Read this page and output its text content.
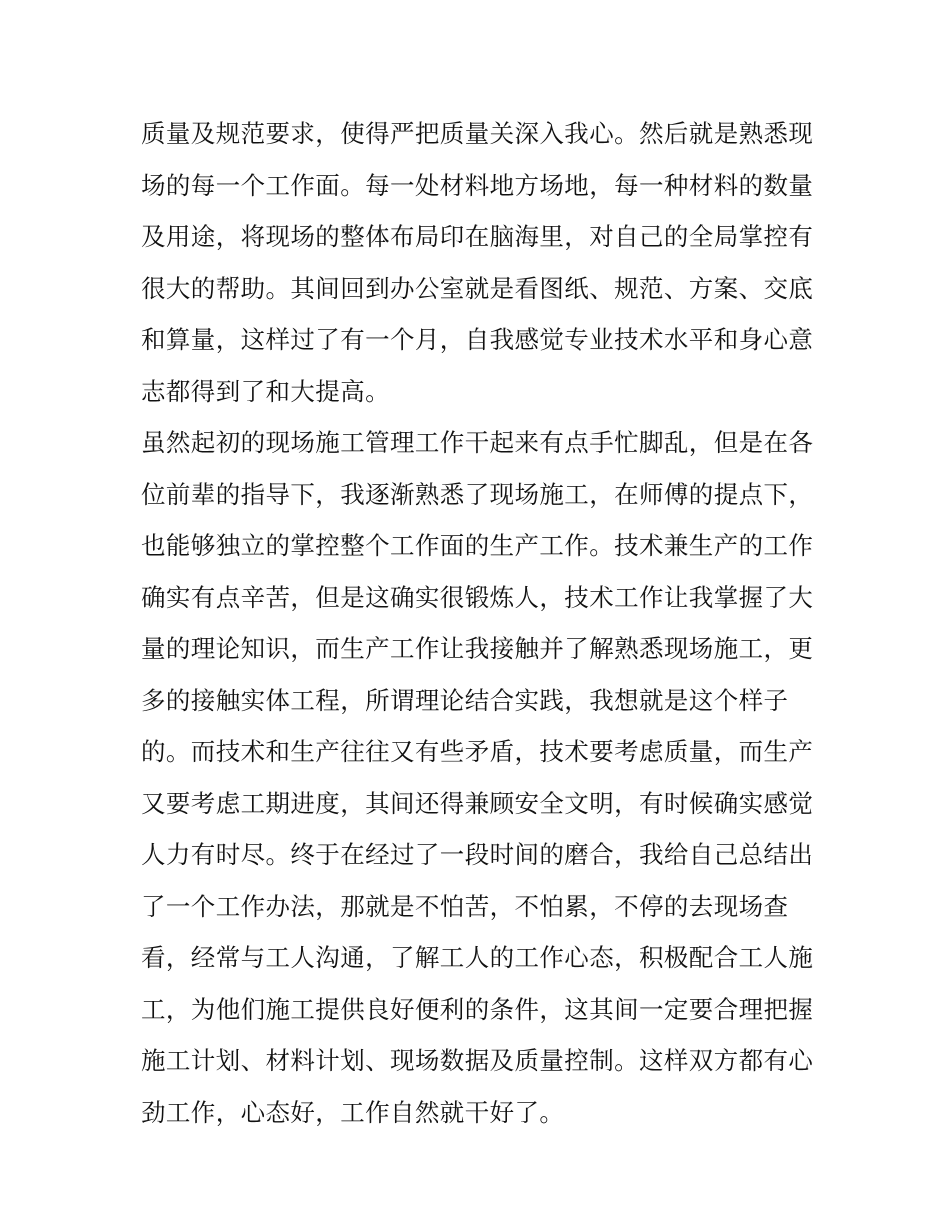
质量及规范要求，使得严把质量关深入我心。然后就是熟悉现
场的每一个工作面。每一处材料地方场地，每一种材料的数量
及用途，将现场的整体布局印在脑海里，对自己的全局掌控有
很大的帮助。其间回到办公室就是看图纸、规范、方案、交底
和算量，这样过了有一个月，自我感觉专业技术水平和身心意
志都得到了和大提高。
虽然起初的现场施工管理工作干起来有点手忙脚乱，但是在各
位前辈的指导下，我逐渐熟悉了现场施工，在师傅的提点下，
也能够独立的掌控整个工作面的生产工作。技术兼生产的工作
确实有点辛苦，但是这确实很锻炼人，技术工作让我掌握了大
量的理论知识，而生产工作让我接触并了解熟悉现场施工，更
多的接触实体工程，所谓理论结合实践，我想就是这个样子
的。而技术和生产往往又有些矛盾，技术要考虑质量，而生产
又要考虑工期进度，其间还得兼顾安全文明，有时候确实感觉
人力有时尽。终于在经过了一段时间的磨合，我给自己总结出
了一个工作办法，那就是不怕苦，不怕累，不停的去现场查
看，经常与工人沟通，了解工人的工作心态，积极配合工人施
工，为他们施工提供良好便利的条件，这其间一定要合理把握
施工计划、材料计划、现场数据及质量控制。这样双方都有心
劲工作，心态好，工作自然就干好了。
